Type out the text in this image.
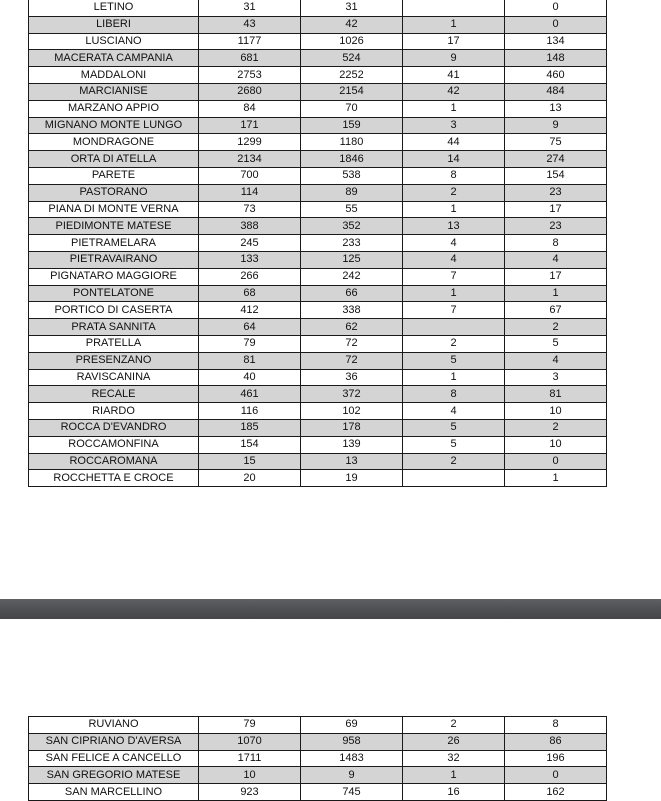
LETINO	31	31		0
LIBERI	43	42	1	0
LUSCIANO	1177	1026	17	134
MACERATA CAMPANIA	681	524	9	148
MADDALONI	2753	2252	41	460
MARCIANISE	2680	2154	42	484
MARZANO APPIO	84	70	1	13
MIGNANO MONTE LUNGO	171	159	3	9
MONDRAGONE	1299	1180	44	75
ORTA DI ATELLA	2134	1846	14	274
PARETE	700	538	8	154
PASTORANO	114	89	2	23
PIANA DI MONTE VERNA	73	55	1	17
PIEDIMONTE MATESE	388	352	13	23
PIETRAMELARA	245	233	4	8
PIETRAVAIRANO	133	125	4	4
PIGNATARO MAGGIORE	266	242	7	17
PONTELATONE	68	66	1	1
PORTICO DI CASERTA	412	338	7	67
PRATA SANNITA	64	62		2
PRATELLA	79	72	2	5
PRESENZANO	81	72	5	4
RAVISCANINA	40	36	1	3
RECALE	461	372	8	81
RIARDO	116	102	4	10
ROCCA D'EVANDRO	185	178	5	2
ROCCAMONFINA	154	139	5	10
ROCCAROMANA	15	13	2	0
ROCCHETTA E CROCE	20	19		1
RUVIANO	79	69	2	8
SAN CIPRIANO D'AVERSA	1070	958	26	86
SAN FELICE A CANCELLO	1711	1483	32	196
SAN GREGORIO MATESE	10	9	1	0
SAN MARCELLINO	923	745	16	162
